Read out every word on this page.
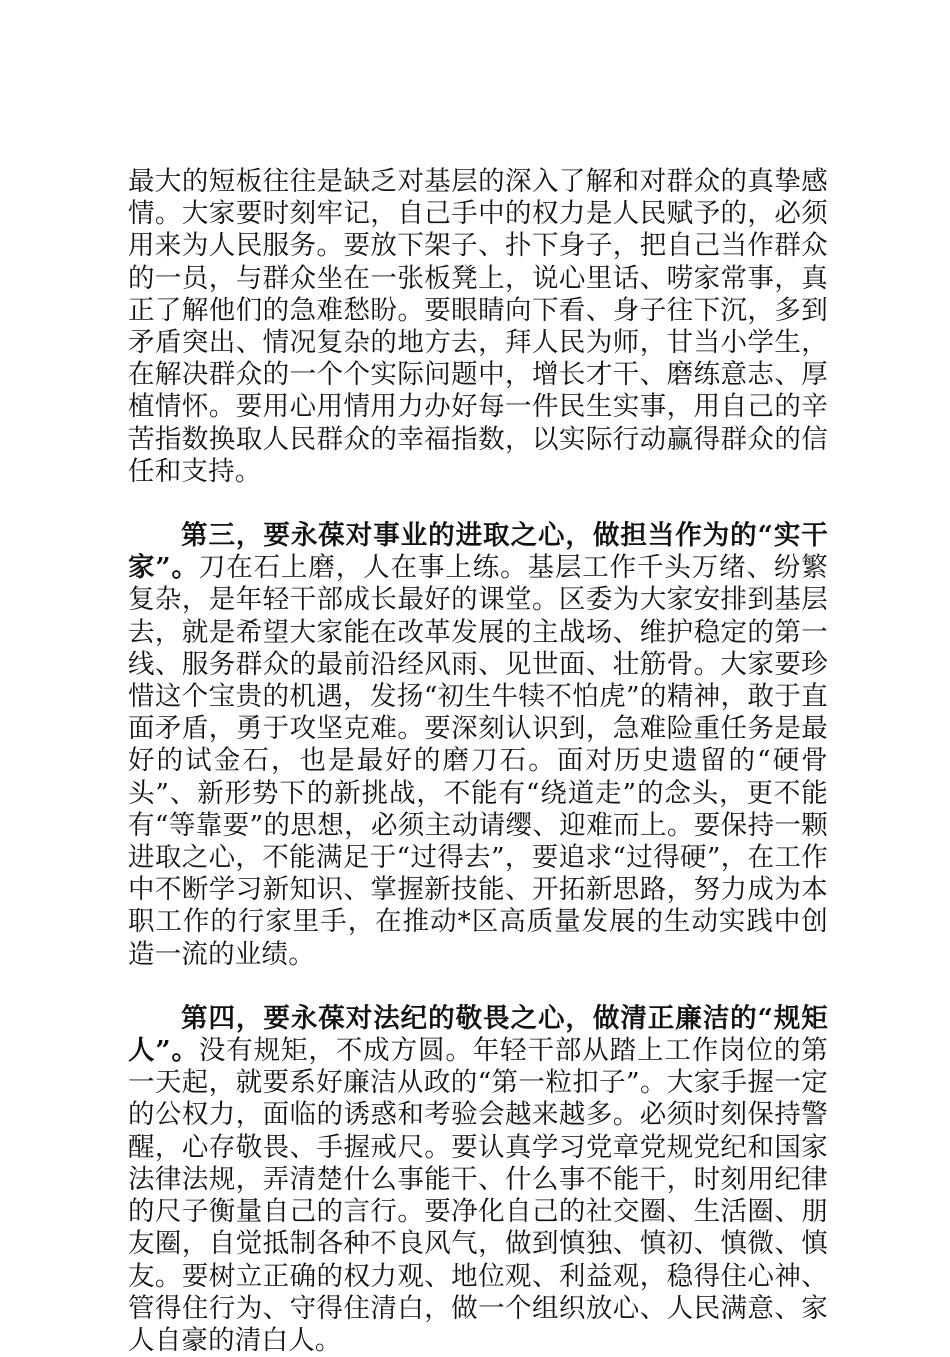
最大的短板往往是缺乏对基层的深入了解和对群众的真挚感情。大家要时刻牢记，自己手中的权力是人民赋予的，必须用来为人民服务。要放下架子、扑下身子，把自己当作群众的一员，与群众坐在一张板凳上，说心里话、唠家常事，真正了解他们的急难愁盼。要眼睛向下看、身子往下沉，多到矛盾突出、情况复杂的地方去，拜人民为师，甘当小学生，在解决群众的一个个实际问题中，增长才干、磨练意志、厚植情怀。要用心用情用力办好每一件民生实事，用自己的辛苦指数换取人民群众的幸福指数，以实际行动赢得群众的信任和支持。

第三，要永葆对事业的进取之心，做担当作为的“实干家”。刀在石上磨，人在事上练。基层工作千头万绪、纷繁复杂，是年轻干部成长最好的课堂。区委为大家安排到基层去，就是希望大家能在改革发展的主战场、维护稳定的第一线、服务群众的最前沿经风雨、见世面、壮筋骨。大家要珍惜这个宝贵的机遇，发扬“初生牛犊不怕虎”的精神，敢于直面矛盾，勇于攻坚克难。要深刻认识到，急难险重任务是最好的试金石，也是最好的磨刀石。面对历史遗留的“硬骨头”、新形势下的新挑战，不能有“绕道走”的念头，更不能有“等靠要”的思想，必须主动请缨、迎难而上。要保持一颗进取之心，不能满足于“过得去”，要追求“过得硬”，在工作中不断学习新知识、掌握新技能、开拓新思路，努力成为本职工作的行家里手，在推动*区高质量发展的生动实践中创造一流的业绩。

第四，要永葆对法纪的敬畏之心，做清正廉洁的“规矩人”。没有规矩，不成方圆。年轻干部从踏上工作岗位的第一天起，就要系好廉洁从政的“第一粒扣子”。大家手握一定的公权力，面临的诱惑和考验会越来越多。必须时刻保持警醒，心存敬畏、手握戒尺。要认真学习党章党规党纪和国家法律法规，弄清楚什么事能干、什么事不能干，时刻用纪律的尺子衡量自己的言行。要净化自己的社交圈、生活圈、朋友圈，自觉抵制各种不良风气，做到慎独、慎初、慎微、慎友。要树立正确的权力观、地位观、利益观，稳得住心神、管得住行为、守得住清白，做一个组织放心、人民满意、家人自豪的清白人。
